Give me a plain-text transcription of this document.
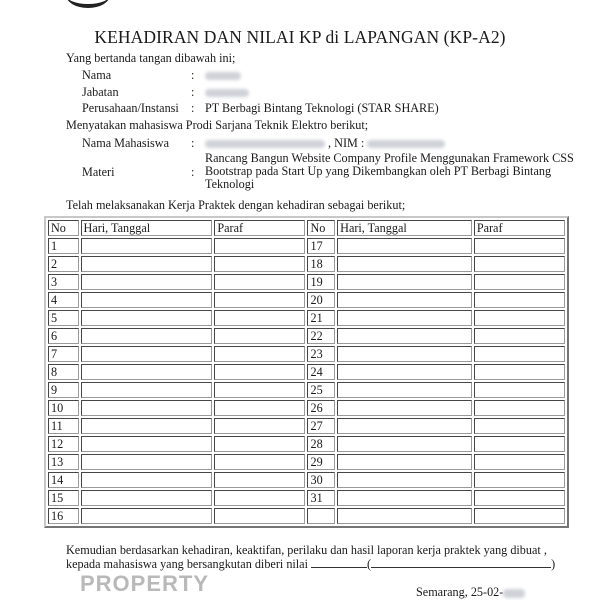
KEHADIRAN DAN NILAI KP di LAPANGAN (KP-A2)
Yang bertanda tangan dibawah ini;
Nama	:
Jabatan	:
Perusahaan/Instansi : PT Berbagi Bintang Teknologi (STAR SHARE)
Menyatakan mahasiswa Prodi Sarjana Teknik Elektro berikut;
Nama Mahasiswa :	, NIM :
Materi	:
Rancang Bangun Website Company Profile Menggunakan Framework CSS Bootstrap pada Start Up yang Dikembangkan oleh PT Berbagi Bintang Teknologi
Telah melaksanakan Kerja Praktek dengan kehadiran sebagai berikut;
No	Hari, Tanggal	Paraf	No	Hari, Tanggal	Paraf
1			17		
2			18		
3			19		
4			20		
5			21		
6			22		
7			23		
8			24		
9			25		
10			26		
11			27		
12			28		
13			29		
14			30		
15			31		
16					
Kemudian berdasarkan kehadiran, keaktifan, perilaku dan hasil laporan kerja praktek yang dibuat ,
kepada mahasiswa yang bersangkutan diberi nilai	(	)
PROPERTY	Semarang, 25-02-
